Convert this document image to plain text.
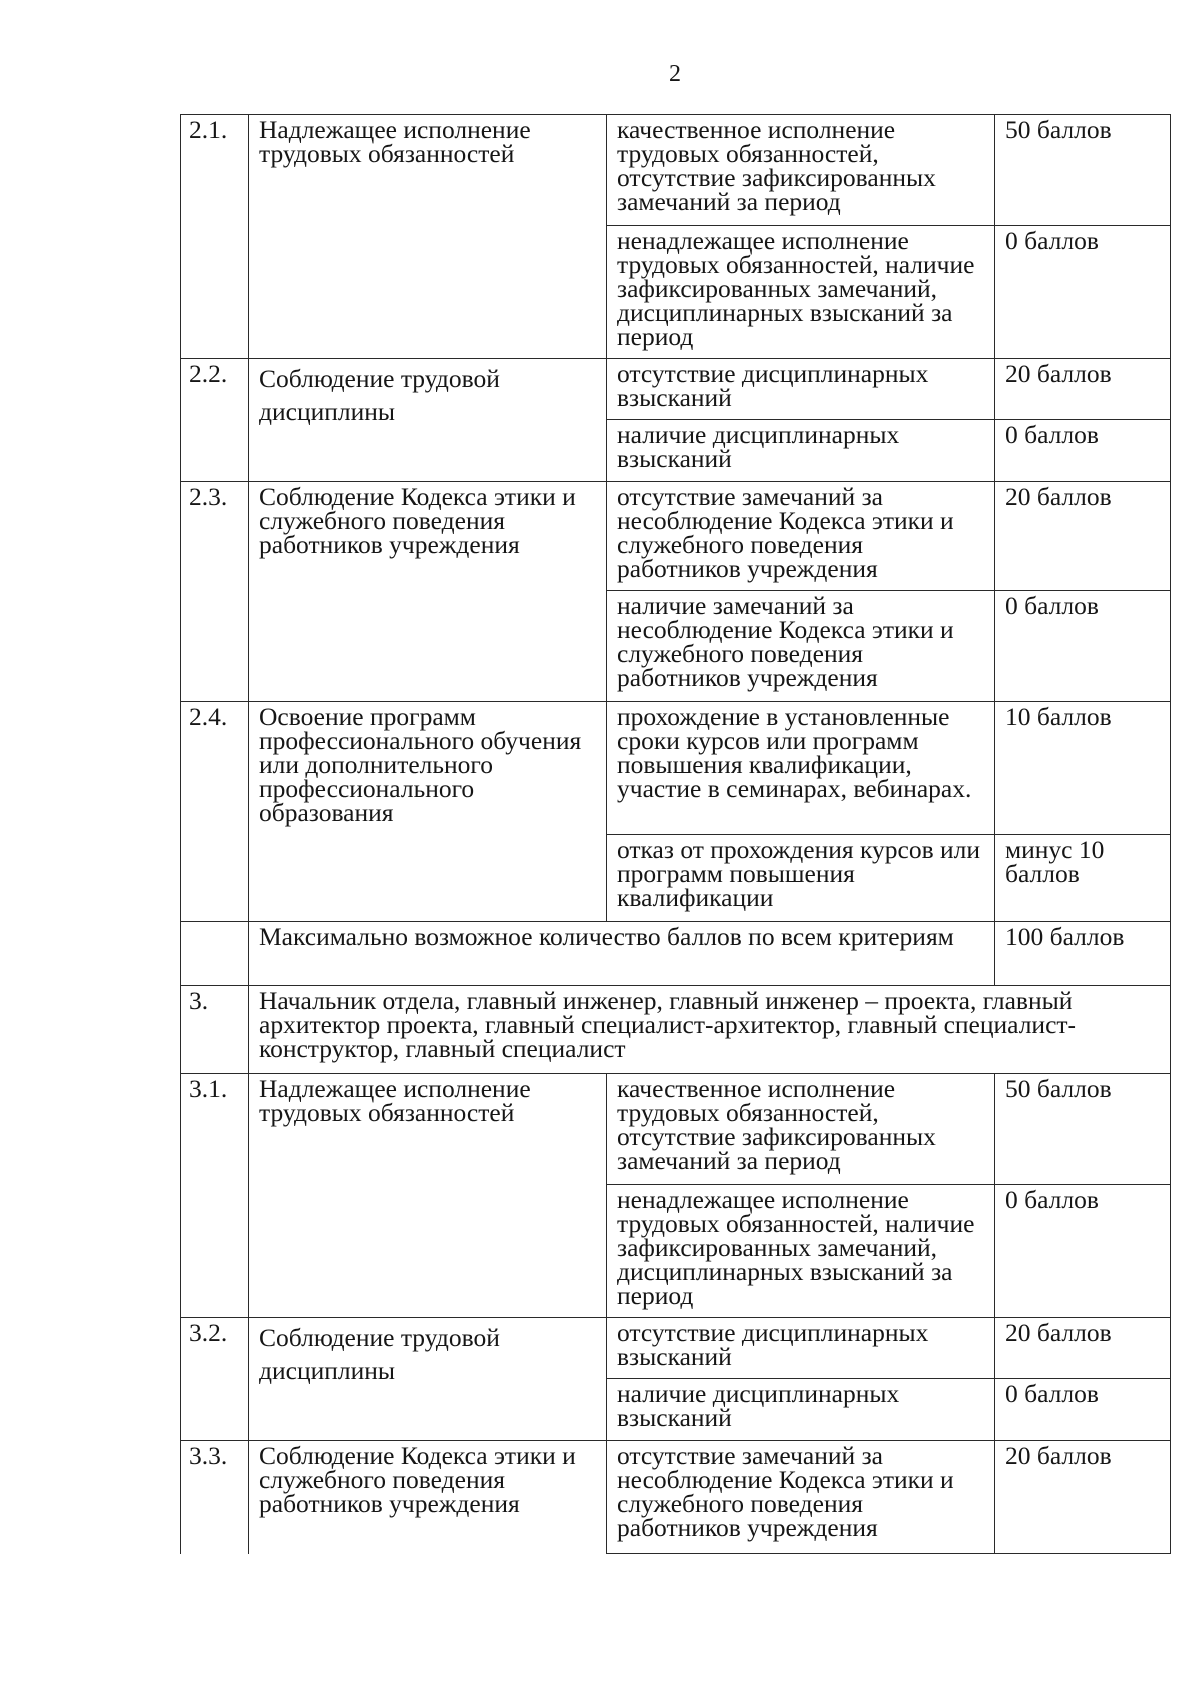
2
2.1.	Надлежащее исполнение трудовых обязанностей	качественное исполнение трудовых обязанностей, отсутствие зафиксированных замечаний за период	50 баллов
		ненадлежащее исполнение трудовых обязанностей, наличие зафиксированных замечаний, дисциплинарных взысканий за период	0 баллов
2.2.	Соблюдение трудовой дисциплины	отсутствие дисциплинарных взысканий	20 баллов
		наличие дисциплинарных взысканий	0 баллов
2.3.	Соблюдение Кодекса этики и служебного поведения работников учреждения	отсутствие замечаний за несоблюдение Кодекса этики и служебного поведения работников учреждения	20 баллов
		наличие замечаний за несоблюдение Кодекса этики и служебного поведения работников учреждения	0 баллов
2.4.	Освоение программ профессионального обучения или дополнительного профессионального образования	прохождение в установленные сроки курсов или программ повышения квалификации, участие в семинарах, вебинарах.	10 баллов
		отказ от прохождения курсов или программ повышения квалификации	минус 10 баллов
	Максимально возможное количество баллов по всем критериям		100 баллов
3.	Начальник отдела, главный инженер, главный инженер – проекта, главный архитектор проекта, главный специалист-архитектор, главный специалист- конструктор, главный специалист		
3.1.	Надлежащее исполнение трудовых обязанностей	качественное исполнение трудовых обязанностей, отсутствие зафиксированных замечаний за период	50 баллов
		ненадлежащее исполнение трудовых обязанностей, наличие зафиксированных замечаний, дисциплинарных взысканий за период	0 баллов
3.2.	Соблюдение трудовой дисциплины	отсутствие дисциплинарных взысканий	20 баллов
		наличие дисциплинарных взысканий	0 баллов
3.3.	Соблюдение Кодекса этики и служебного поведения работников учреждения	отсутствие замечаний за несоблюдение Кодекса этики и служебного поведения работников учреждения	20 баллов
